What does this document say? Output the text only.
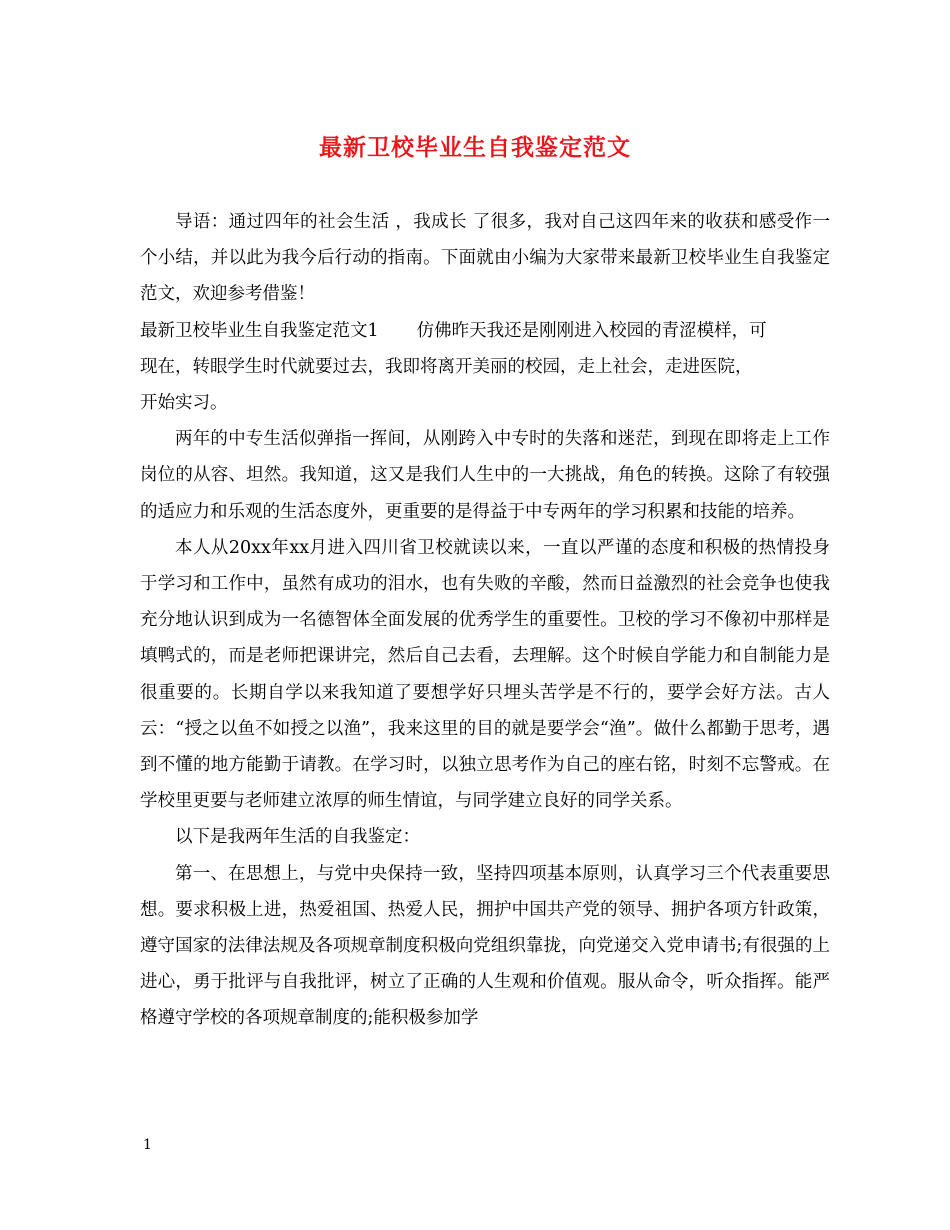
最新卫校毕业生自我鉴定范文

导语：通过四年的社会生活 ，我成长 了很多，我对自己这四年来的收获和感受作一个小结，并以此为我今后行动的指南。下面就由小编为大家带来最新卫校毕业生自我鉴定范文，欢迎参考借鉴！

最新卫校毕业生自我鉴定范文1 仿佛昨天我还是刚刚进入校园的青涩模样，可

现在，转眼学生时代就要过去，我即将离开美丽的校园，走上社会，走进医院，

开始实习。

两年的中专生活似弹指一挥间，从刚跨入中专时的失落和迷茫，到现在即将走上工作岗位的从容、坦然。我知道，这又是我们人生中的一大挑战，角色的转换。这除了有较强的适应力和乐观的生活态度外，更重要的是得益于中专两年的学习积累和技能的培养。

本人从20xx年xx月进入四川省卫校就读以来，一直以严谨的态度和积极的热情投身于学习和工作中，虽然有成功的泪水，也有失败的辛酸，然而日益激烈的社会竞争也使我充分地认识到成为一名德智体全面发展的优秀学生的重要性。卫校的学习不像初中那样是填鸭式的，而是老师把课讲完，然后自己去看，去理解。这个时候自学能力和自制能力是很重要的。长期自学以来我知道了要想学好只埋头苦学是不行的，要学会好方法。古人云：“授之以鱼不如授之以渔”，我来这里的目的就是要学会“渔”。做什么都勤于思考，遇到不懂的地方能勤于请教。在学习时，以独立思考作为自己的座右铭，时刻不忘警戒。在学校里更要与老师建立浓厚的师生情谊，与同学建立良好的同学关系。

以下是我两年生活的自我鉴定：

第一、在思想上，与党中央保持一致，坚持四项基本原则，认真学习三个代表重要思想。要求积极上进，热爱祖国、热爱人民，拥护中国共产党的领导、拥护各项方针政策，遵守国家的法律法规及各项规章制度积极向党组织靠拢，向党递交入党申请书;有很强的上进心，勇于批评与自我批评，树立了正确的人生观和价值观。服从命令，听众指挥。能严格遵守学校的各项规章制度的;能积极参加学

1
